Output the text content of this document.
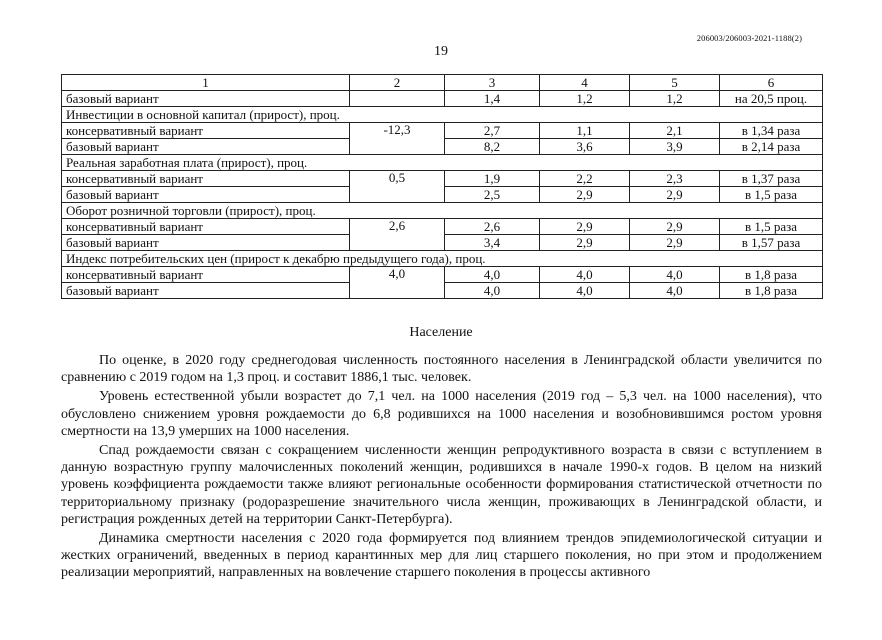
206003/206003-2021-1188(2)
19
1	2	3	4	5	6
базовый вариант		1,4	1,2	1,2	на 20,5 проц.
Инвестиции в основной капитал (прирост), проц.					
консервативный вариант	-12,3	2,7	1,1	2,1	в 1,34 раза
базовый вариант		8,2	3,6	3,9	в 2,14 раза
Реальная заработная плата (прирост), проц.					
консервативный вариант	0,5	1,9	2,2	2,3	в 1,37 раза
базовый вариант		2,5	2,9	2,9	в 1,5 раза
Оборот розничной торговли (прирост), проц.					
консервативный вариант	2,6	2,6	2,9	2,9	в 1,5 раза
базовый вариант		3,4	2,9	2,9	в 1,57 раза
Индекс потребительских цен (прирост к декабрю предыдущего года), проц.					
консервативный вариант	4,0	4,0	4,0	4,0	в 1,8 раза
базовый вариант		4,0	4,0	4,0	в 1,8 раза
Население

По оценке, в 2020 году среднегодовая численность постоянного населения в Ленинградской области увеличится по сравнению с 2019 годом на 1,3 проц. и составит 1886,1 тыс. человек.

Уровень естественной убыли возрастет до 7,1 чел. на 1000 населения (2019 год – 5,3 чел. на 1000 населения), что обусловлено снижением уровня рождаемости до 6,8 родившихся на 1000 населения и возобновившимся ростом уровня смертности на 13,9 умерших на 1000 населения.

Спад рождаемости связан с сокращением численности женщин репродуктивного возраста в связи с вступлением в данную возрастную группу малочисленных поколений женщин, родившихся в начале 1990-х годов. В целом на низкий уровень коэффициента рождаемости также влияют региональные особенности формирования статистической отчетности по территориальному признаку (родоразрешение значительного числа женщин, проживающих в Ленинградской области, и регистрация рожденных детей на территории Санкт-Петербурга).

Динамика смертности населения с 2020 года формируется под влиянием трендов эпидемиологической ситуации и жестких ограничений, введенных в период карантинных мер для лиц старшего поколения, но при этом и продолжением реализации мероприятий, направленных на вовлечение старшего поколения в процессы активного
